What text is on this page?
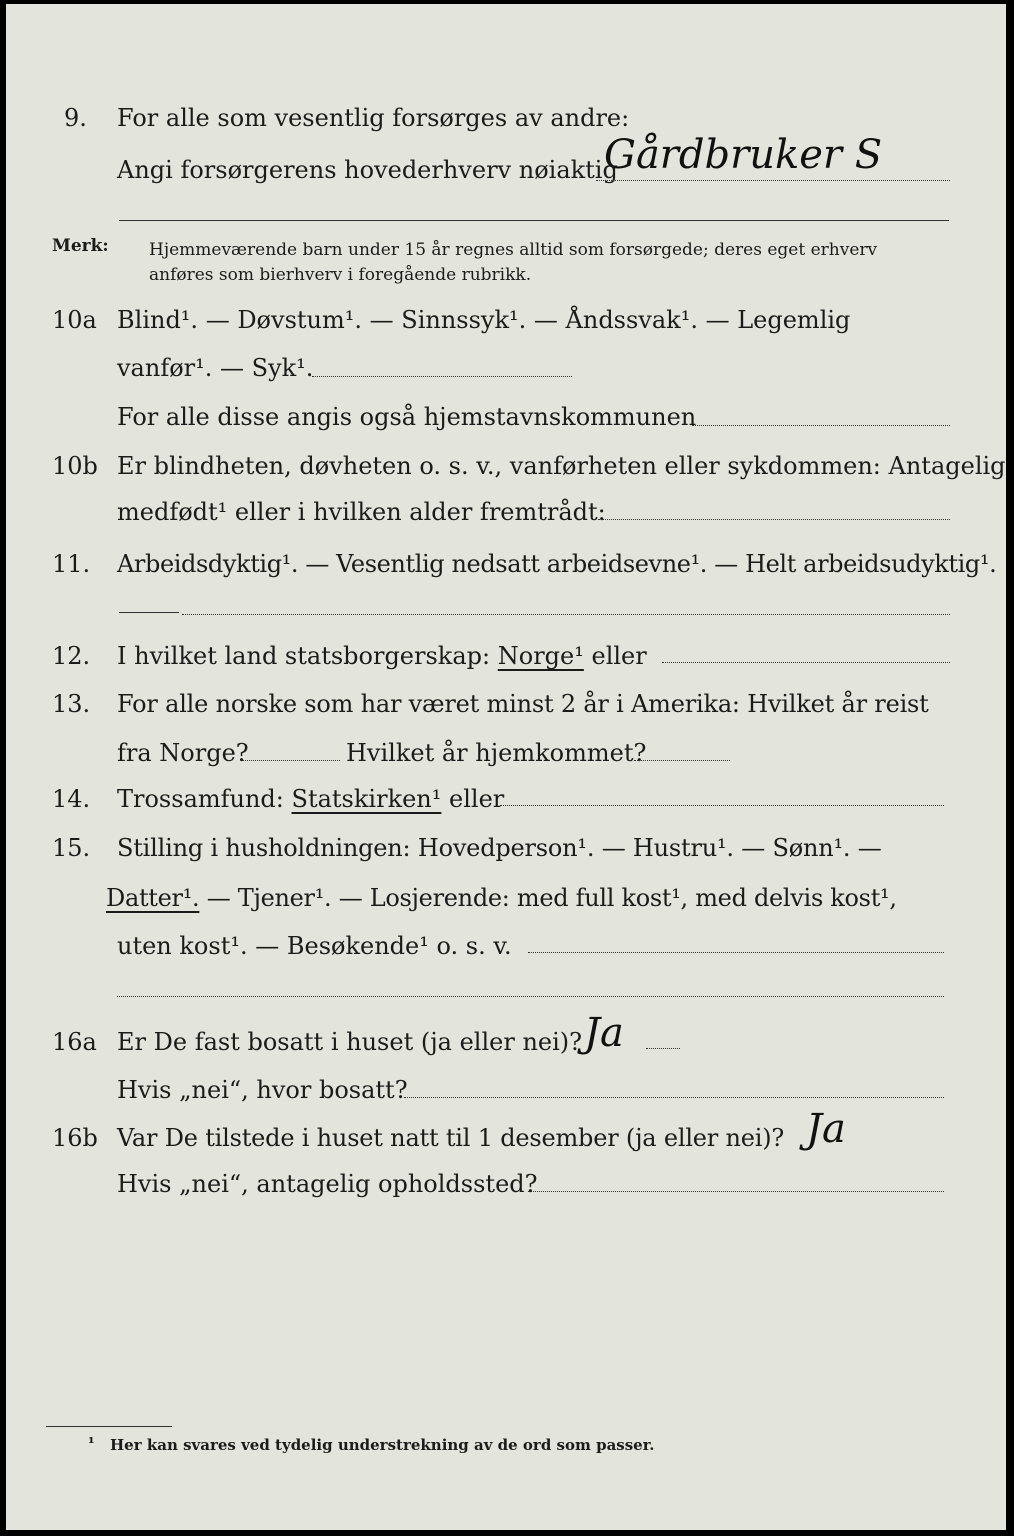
9. For alle som vesentlig forsørges av andre:
Angi forsørgerens hovederhverv nøiaktig
Gårdbruker S
Merk: Hjemmeværende barn under 15 år regnes alltid som forsørgede; deres eget erhverv
anføres som bierhverv i foregående rubrikk.
10a Blind¹. — Døvstum¹. — Sinnssyk¹. — Åndssvak¹. — Legemlig
vanfør¹. — Syk¹.
For alle disse angis også hjemstavnskommunen
10b Er blindheten, døvheten o. s. v., vanførheten eller sykdommen: Antagelig
medfødt¹ eller i hvilken alder fremtrådt:
11. Arbeidsdyktig¹. — Vesentlig nedsatt arbeidsevne¹. — Helt arbeidsudyktig¹.
12. I hvilket land statsborgerskap: Norge¹ eller
13. For alle norske som har været minst 2 år i Amerika: Hvilket år reist
fra Norge?	Hvilket år hjemkommet?
14. Trossamfund: Statskirken¹ eller
15. Stilling i husholdningen: Hovedperson¹. — Hustru¹. — Sønn¹. —
Datter¹. — Tjener¹. — Losjerende: med full kost¹, med delvis kost¹,
uten kost¹. — Besøkende¹ o. s. v.
16a Er De fast bosatt i huset (ja eller nei)? Ja
Hvis „nei“, hvor bosatt?
16b Var De tilstede i huset natt til 1 desember (ja eller nei)? Ja
Hvis „nei“, antagelig opholdssted?
¹ Her kan svares ved tydelig understrekning av de ord som passer.
